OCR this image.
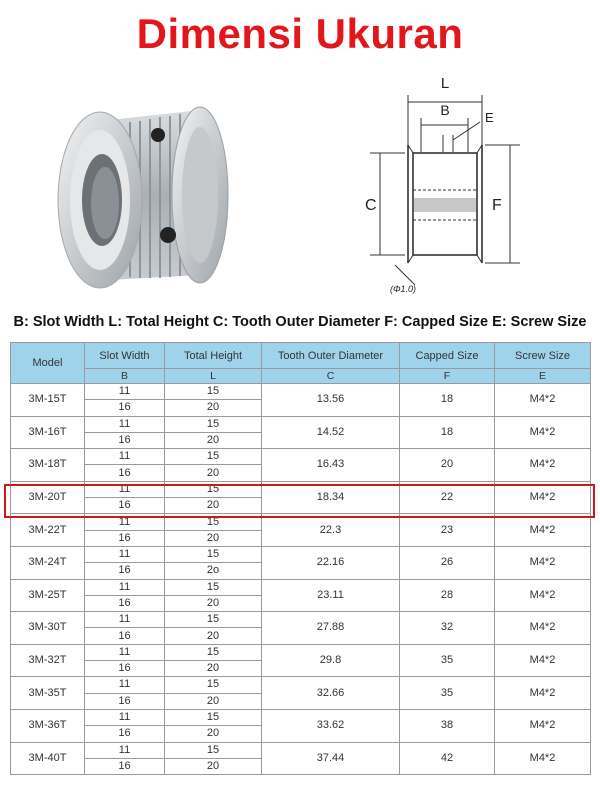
Dimensi Ukuran
L
B	E
C	F
(Φ1.0)
B: Slot Width L: Total Height C: Tooth Outer Diameter F: Capped Size E: Screw Size
Model	Slot Width	Total Height	Tooth Outer Diameter	Capped Size	Screw Size
	B	L	C	F	E
3M-15T	11	15	13.56	18	M4*2
	16	20			
3M-16T	11	15	14.52	18	M4*2
	16	20			
3M-18T	11	15	16.43	20	M4*2
	16	20			
3M-20T	11	15	18.34	22	M4*2
	16	20			
3M-22T	11	15	22.3	23	M4*2
	16	20			
3M-24T	11	15	22.16	26	M4*2
	16	2o			
3M-25T	11	15	23.11	28	M4*2
	16	20			
3M-30T	11	15	27.88	32	M4*2
	16	20			
3M-32T	11	15	29.8	35	M4*2
	16	20			
3M-35T	11	15	32.66	35	M4*2
	16	20			
3M-36T	11	15	33.62	38	M4*2
	16	20			
3M-40T	11	15	37.44	42	M4*2
	16	20			
